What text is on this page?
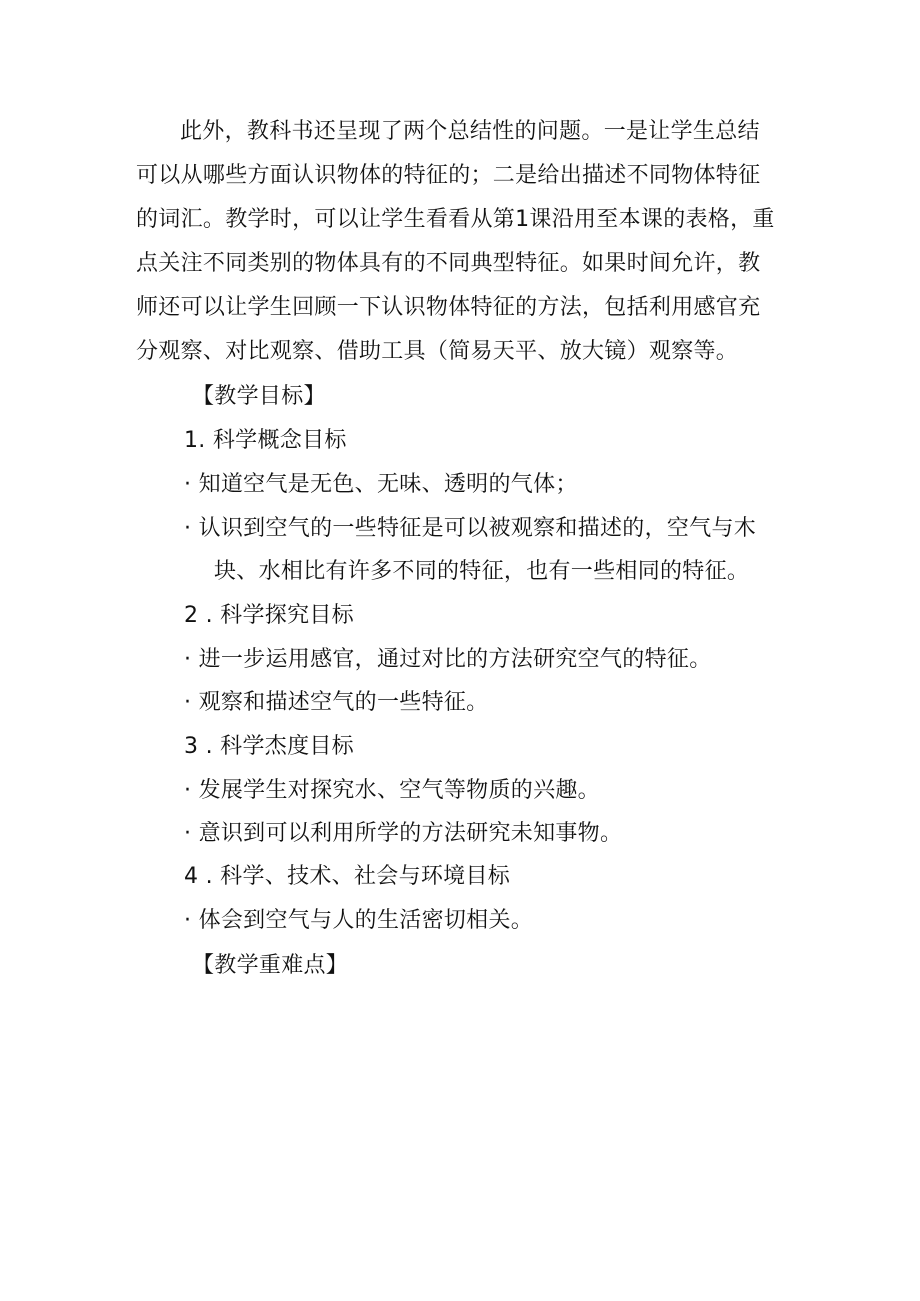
此外，教科书还呈现了两个总结性的问题。一是让学生总结
可以从哪些方面认识物体的特征的；二是给出描述不同物体特征
的词汇。教学时，可以让学生看看从第1课沿用至本课的表格，重
点关注不同类别的物体具有的不同典型特征。如果时间允许，教
师还可以让学生回顾一下认识物体特征的方法，包括利用感官充
分观察、对比观察、借助工具（简易天平、放大镜）观察等。
【教学目标】
1. 科学概念目标
· 知道空气是无色、无味、透明的气体；
· 认识到空气的一些特征是可以被观察和描述的，空气与木
块、水相比有许多不同的特征，也有一些相同的特征。
2 . 科学探究目标
· 进一步运用感官，通过对比的方法研究空气的特征。
· 观察和描述空气的一些特征。
3 . 科学杰度目标
· 发展学生对探究水、空气等物质的兴趣。
· 意识到可以利用所学的方法研究未知事物。
4 . 科学、技术、社会与环境目标
· 体会到空气与人的生活密切相关。
【教学重难点】
